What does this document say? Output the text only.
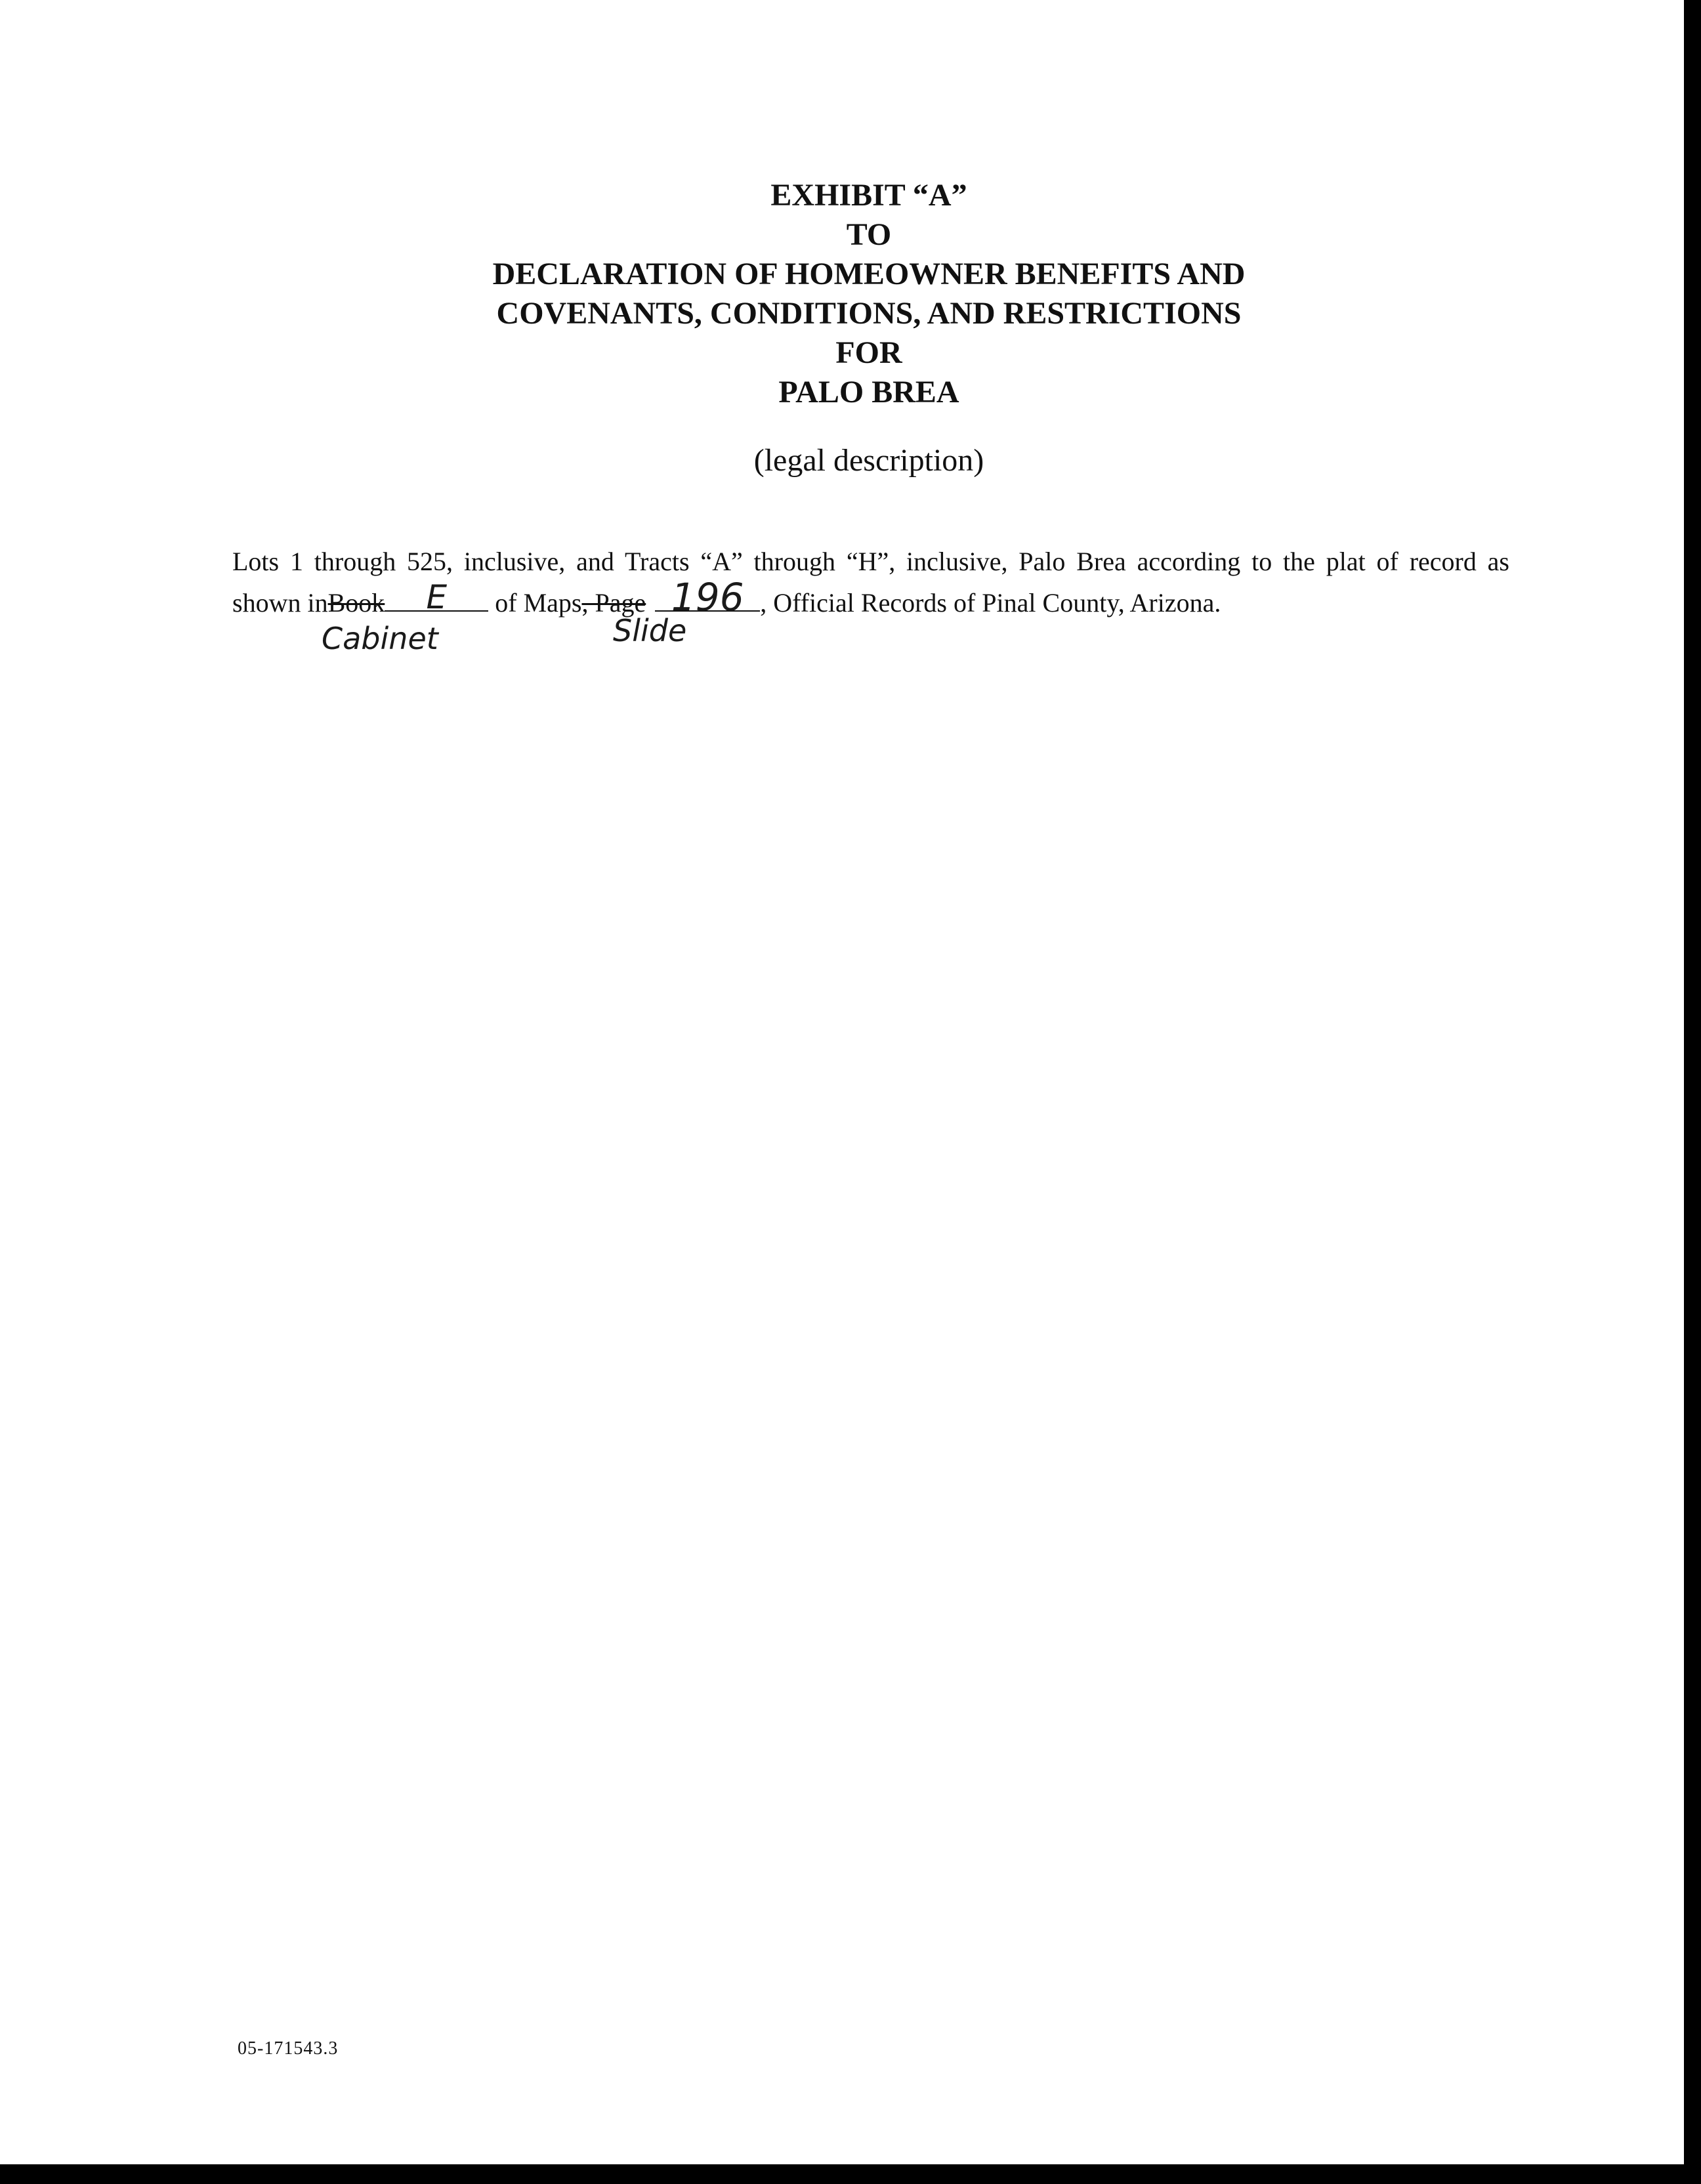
EXHIBIT “A”
TO
DECLARATION OF HOMEOWNER BENEFITS AND
COVENANTS, CONDITIONS, AND RESTRICTIONS
FOR
PALO BREA
(legal description)
Lots 1 through 525, inclusive, and Tracts “A” through “H”, inclusive, Palo Brea according to the plat of record as
shown inBook	E	of Maps, Page 196 , Official Records of Pinal County, Arizona.
Cabinet	Slide
05-171543.3
